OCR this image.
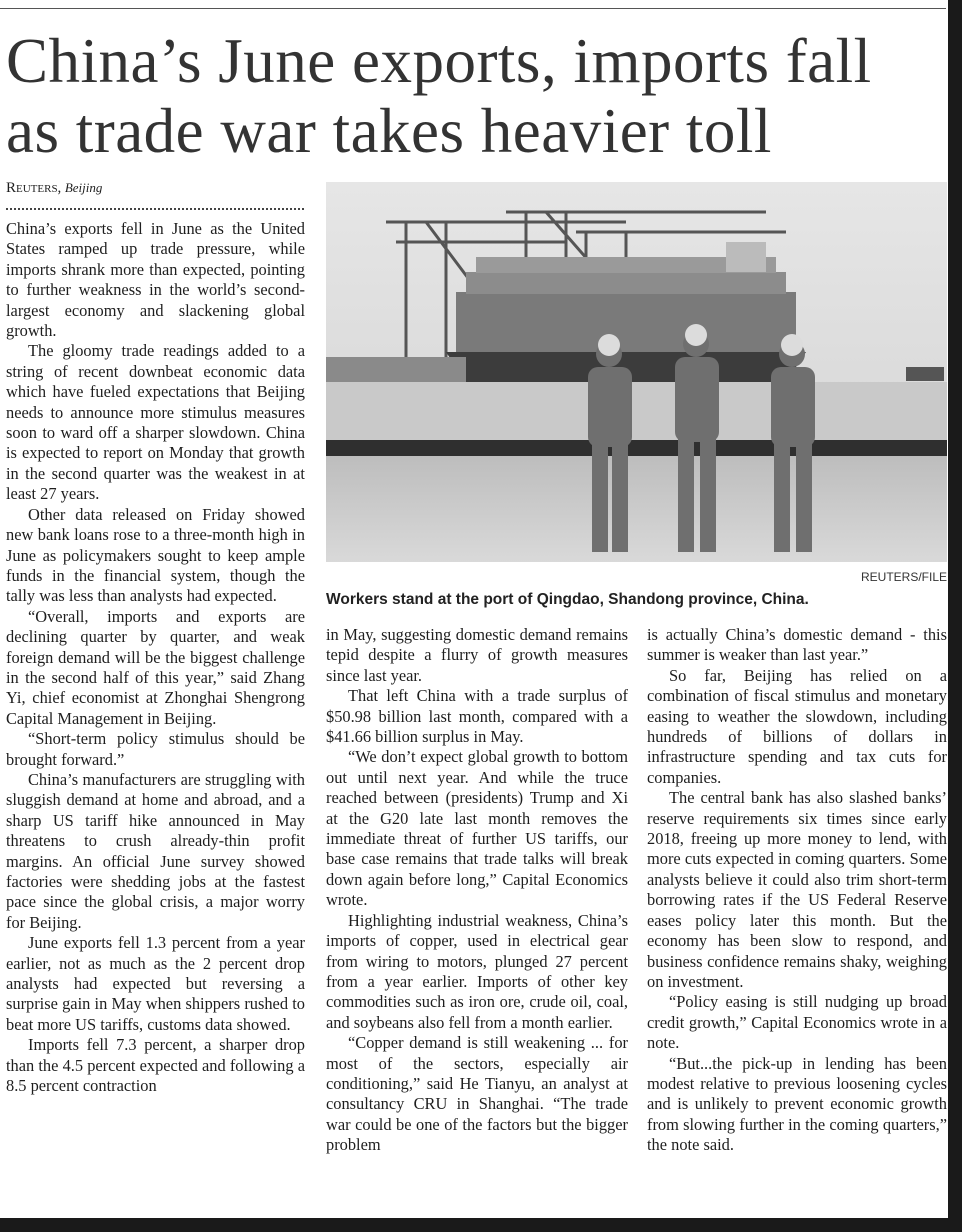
China’s June exports, imports fall
as trade war takes heavier toll
Reuters, Beijing

China’s exports fell in June as the United States ramped up trade pressure, while imports shrank more than expected, pointing to further weakness in the world’s second-largest economy and slackening global growth.

The gloomy trade readings added to a string of recent downbeat economic data which have fueled expectations that Beijing needs to announce more stimulus measures soon to ward off a sharper slowdown. China is expected to report on Monday that growth in the second quarter was the weakest in at least 27 years.

Other data released on Friday showed new bank loans rose to a three-month high in June as policymakers sought to keep ample funds in the financial system, though the tally was less than analysts had expected.

“Overall, imports and exports are declining quarter by quarter, and weak foreign demand will be the biggest challenge in the second half of this year,” said Zhang Yi, chief economist at Zhonghai Shengrong Capital Management in Beijing.

“Short-term policy stimulus should be brought forward.”

China’s manufacturers are struggling with sluggish demand at home and abroad, and a sharp US tariff hike announced in May threatens to crush already-thin profit margins. An official June survey showed factories were shedding jobs at the fastest pace since the global crisis, a major worry for Beijing.

June exports fell 1.3 percent from a year earlier, not as much as the 2 percent drop analysts had expected but reversing a surprise gain in May when shippers rushed to beat more US tariffs, customs data showed.

Imports fell 7.3 percent, a sharper drop than the 4.5 percent expected and following a 8.5 percent contraction

REUTERS/FILE
Workers stand at the port of Qingdao, Shandong province, China.

in May, suggesting domestic demand remains tepid despite a flurry of growth measures since last year.

That left China with a trade surplus of $50.98 billion last month, compared with a $41.66 billion surplus in May.

“We don’t expect global growth to bottom out until next year. And while the truce reached between (presidents) Trump and Xi at the G20 late last month removes the immediate threat of further US tariffs, our base case remains that trade talks will break down again before long,” Capital Economics wrote.

Highlighting industrial weakness, China’s imports of copper, used in electrical gear from wiring to motors, plunged 27 percent from a year earlier. Imports of other key commodities such as iron ore, crude oil, coal, and soybeans also fell from a month earlier.

“Copper demand is still weakening ... for most of the sectors, especially air conditioning,” said He Tianyu, an analyst at consultancy CRU in Shanghai. “The trade war could be one of the factors but the bigger problem

is actually China’s domestic demand - this summer is weaker than last year.”

So far, Beijing has relied on a combination of fiscal stimulus and monetary easing to weather the slowdown, including hundreds of billions of dollars in infrastructure spending and tax cuts for companies.

The central bank has also slashed banks’ reserve requirements six times since early 2018, freeing up more money to lend, with more cuts expected in coming quarters. Some analysts believe it could also trim short-term borrowing rates if the US Federal Reserve eases policy later this month. But the economy has been slow to respond, and business confidence remains shaky, weighing on investment.

“Policy easing is still nudging up broad credit growth,” Capital Economics wrote in a note.

“But...the pick-up in lending has been modest relative to previous loosening cycles and is unlikely to prevent economic growth from slowing further in the coming quarters,” the note said.
